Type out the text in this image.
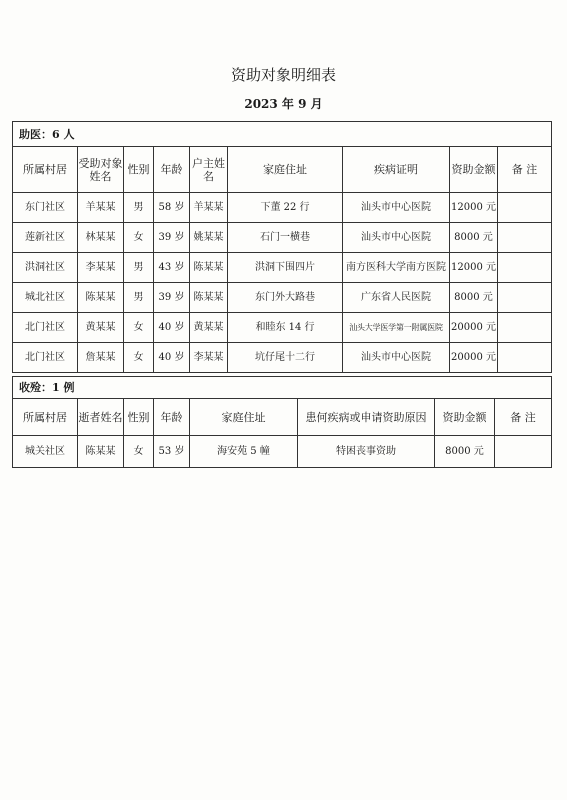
资助对象明细表
2023 年 9 月
助医：6 人								
所属村居	受助对象姓名	性别	年龄	户主姓名	家庭住址	疾病证明	资助金额	备 注
东门社区	羊某某	男	58 岁	羊某某	下董 22 行	汕头市中心医院	12000 元	
莲新社区	林某某	女	39 岁	姚某某	石门一横巷	汕头市中心医院	8000 元	
洪洞社区	李某某	男	43 岁	陈某某	洪洞下围四片	南方医科大学南方医院	12000 元	
城北社区	陈某某	男	39 岁	陈某某	东门外大路巷	广东省人民医院	8000 元	
北门社区	黄某某	女	40 岁	黄某某	和睦东 14 行	汕头大学医学第一附属医院	20000 元	
北门社区	詹某某	女	40 岁	李某某	坑仔尾十二行	汕头市中心医院	20000 元	
收殓：1 例							
所属村居	逝者姓名	性别	年龄	家庭住址	患何疾病或申请资助原因	资助金额	备 注
城关社区	陈某某	女	53 岁	海安苑 5 幢	特困丧事资助	8000 元	
